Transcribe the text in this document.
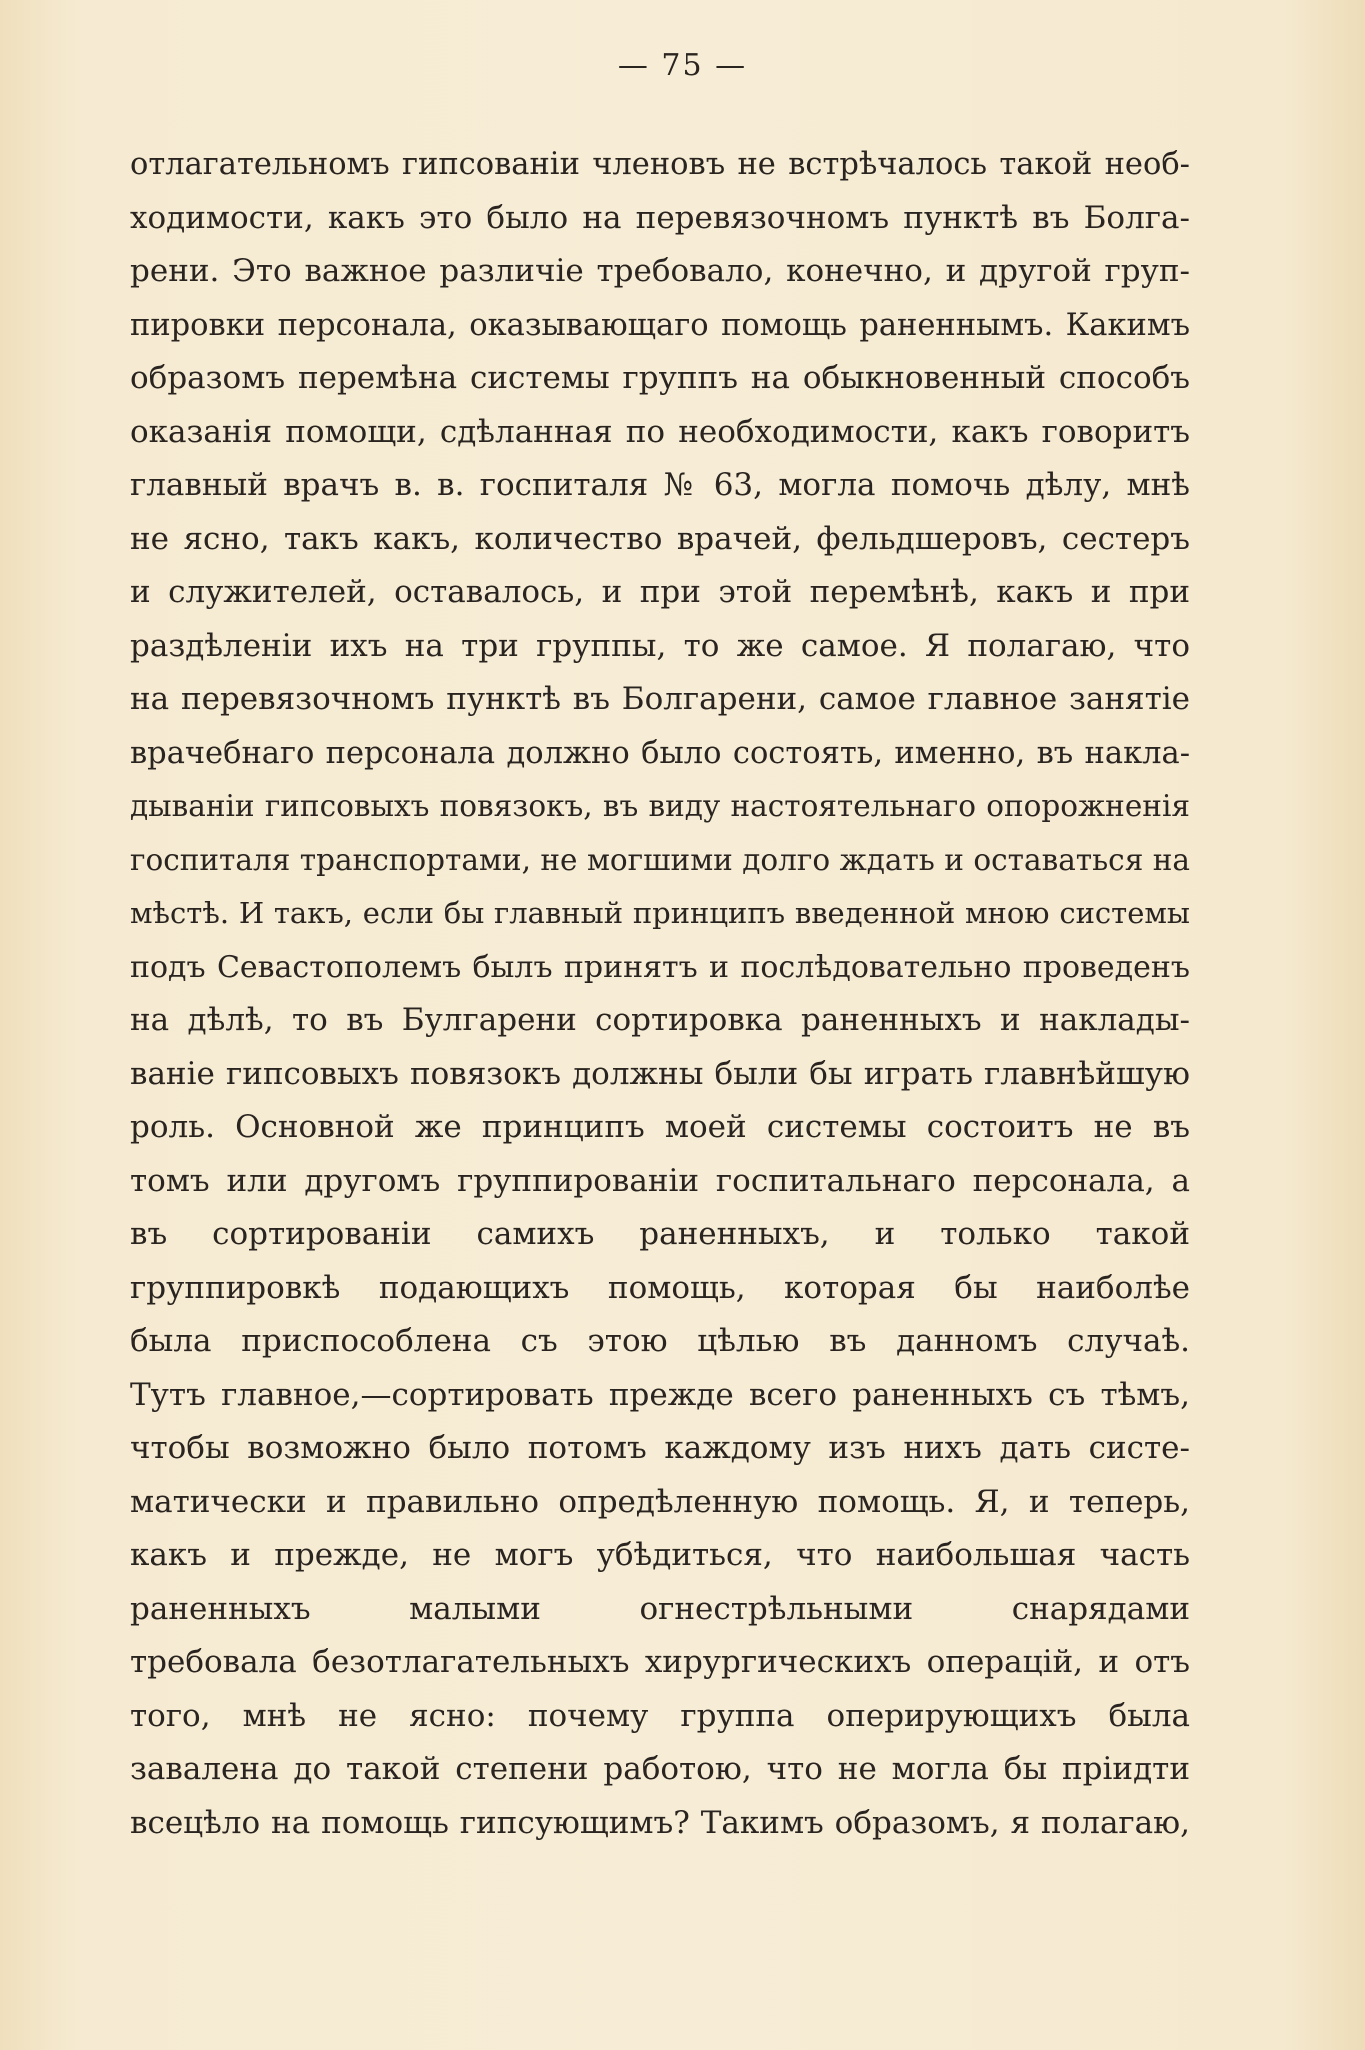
— 75 —
отлагательномъ гипсованiи членовъ не встрѣчалось такой необ-
ходимости, какъ это было на перевязочномъ пунктѣ въ Болга-
рени. Это важное различiе требовало, конечно, и другой груп-
пировки персонала, оказывающаго помощь раненнымъ. Какимъ
образомъ перемѣна системы группъ на обыкновенный способъ
оказанiя помощи, сдѣланная по необходимости, какъ говоритъ
главный врачъ в. в. госпиталя № 63, могла помочь дѣлу, мнѣ
не ясно, такъ какъ, количество врачей, фельдшеровъ, сестеръ
и служителей, оставалось, и при этой перемѣнѣ, какъ и при
раздѣленiи ихъ на три группы, то же самое. Я полагаю, что
на перевязочномъ пунктѣ въ Болгарени, самое главное занятiе
врачебнаго персонала должно было состоять, именно, въ накла-
дыванiи гипсовыхъ повязокъ, въ виду настоятельнаго опорожненiя
госпиталя транспортами, не могшими долго ждать и оставаться на
мѣстѣ. И такъ, если бы главный принципъ введенной мною системы
подъ Севастополемъ былъ принятъ и послѣдовательно проведенъ
на дѣлѣ, то въ Булгарени сортировка раненныхъ и наклады-
ванiе гипсовыхъ повязокъ должны были бы играть главнѣйшую
роль. Основной же принципъ моей системы состоитъ не въ
томъ или другомъ группированiи госпитальнаго персонала, а
въ сортированiи самихъ раненныхъ, и только такой
группировкѣ подающихъ помощь, которая бы наиболѣе
была приспособлена съ этою цѣлью въ данномъ случаѣ.
Тутъ главное,—сортировать прежде всего раненныхъ съ тѣмъ,
чтобы возможно было потомъ каждому изъ нихъ дать систе-
матически и правильно опредѣленную помощь. Я, и теперь,
какъ и прежде, не могъ убѣдиться, что наибольшая часть
раненныхъ малыми огнестрѣльными снарядами
требовала безотлагательныхъ хирургическихъ операцiй, и отъ
того, мнѣ не ясно: почему группа оперирующихъ была
завалена до такой степени работою, что не могла бы прiидти
всецѣло на помощь гипсующимъ? Такимъ образомъ, я полагаю,
